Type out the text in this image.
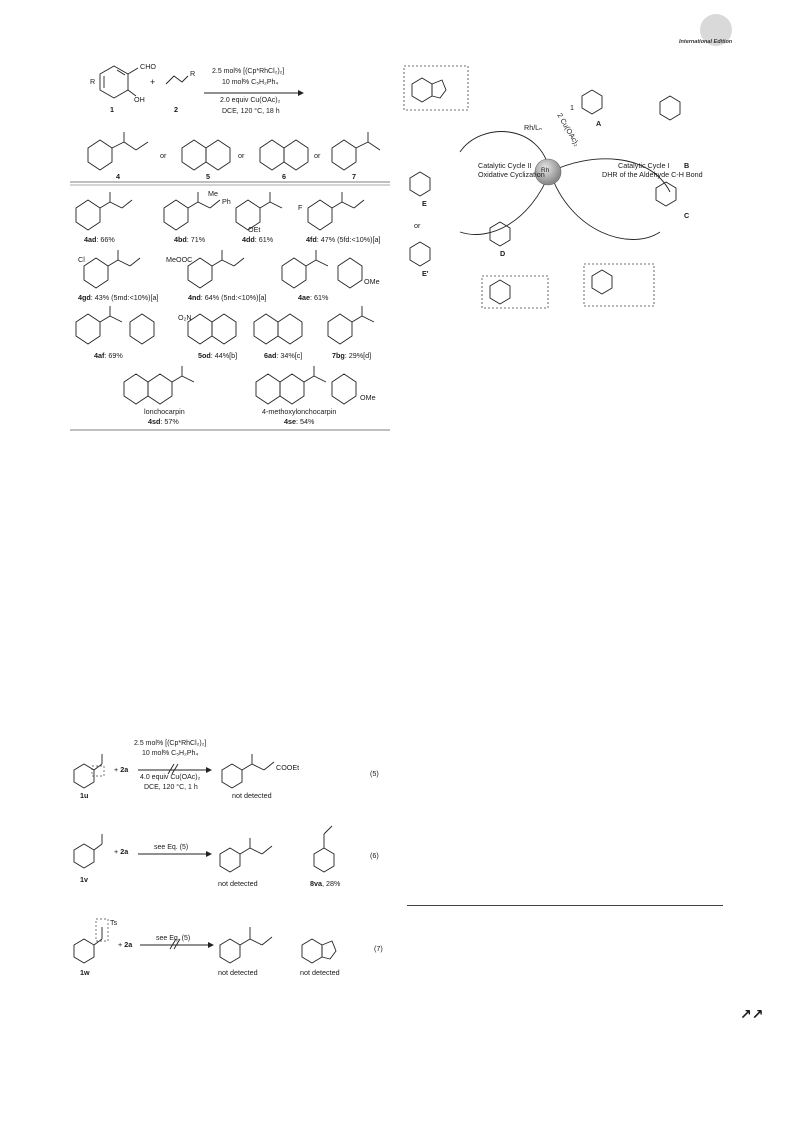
International Edition
CHO
OH
R
R
+
1	2
2.5 mol% [(Cp*RhCl₂)₂]
10 mol% C₅H₂Ph₄
2.0 equiv Cu(OAc)₂
DCE, 120 °C, 18 h
4	5	6	7
or	or	or
4ad: 66%	4bd: 71%	4dd: 61%	4fd: 47% (5fd:<10%)[a]
4gd: 43% (5md:<10%)[a]	4nd: 64% (5nd:<10%)[a]	4ae: 61%
4af: 69%	5od: 44%[b]	6ad: 34%[c]	7bg: 29%[d]
lonchocarpin
4sd: 57%
4-methoxylonchocarpin
4se: 54%
Me
Ph
OEt
F
Cl	MeOOC
OMe
O₂N
OMe
Rh
Catalytic Cycle I
DHR of the Aldehyde C-H Bond
Catalytic Cycle II
Oxidative Cyclization
A
B
C
D
E
E'
Rh/Lₙ 2 Cu(OAc)₂
1
or
1u
+ 2a
2.5 mol% [(Cp*RhCl₂)₂]
10 mol% C₅H₂Ph₄
4.0 equiv Cu(OAc)₂
DCE, 120 °C, 1 h
COOEt
not detected
(5)
1v
+ 2a	see Eq. (5)
not detected	8va, 28%
(6)
Ts
1w
+ 2a
see Eq. (5)
not detected	not detected
(7)
↗↗
